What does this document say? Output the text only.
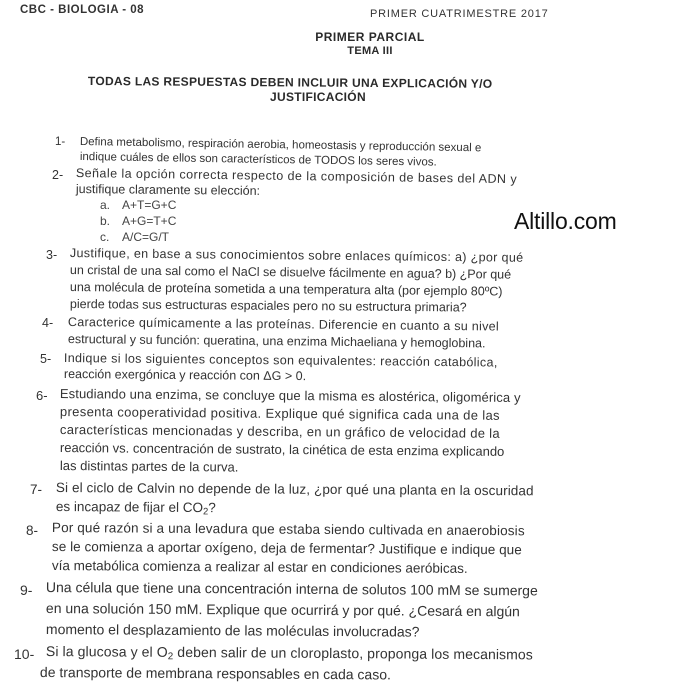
CBC - BIOLOGIA - 08	PRIMER CUATRIMESTRE 2017
PRIMER PARCIAL
TEMA III
TODAS LAS RESPUESTAS DEBEN INCLUIR UNA EXPLICACIÓN Y/O
JUSTIFICACIÓN
Altillo.com
1- Defina metabolismo, respiración aerobia, homeostasis y reproducción sexual e
indique cuáles de ellos son característicos de TODOS los seres vivos.
2- Señale la opción correcta respecto de la composición de bases del ADN y
justifique claramente su elección:
a. A+T=G+C
b. A+G=T+C
c. A/C=G/T
3- Justifique, en base a sus conocimientos sobre enlaces químicos: a) ¿por qué
un cristal de una sal como el NaCl se disuelve fácilmente en agua? b) ¿Por qué
una molécula de proteína sometida a una temperatura alta (por ejemplo 80ºC)
pierde todas sus estructuras espaciales pero no su estructura primaria?
4- Caracterice químicamente a las proteínas. Diferencie en cuanto a su nivel
estructural y su función: queratina, una enzima Michaeliana y hemoglobina.
5- Indique si los siguientes conceptos son equivalentes: reacción catabólica,
reacción exergónica y reacción con ΔG > 0.
6- Estudiando una enzima, se concluye que la misma es alostérica, oligomérica y
presenta cooperatividad positiva. Explique qué significa cada una de las
características mencionadas y describa, en un gráfico de velocidad de la
reacción vs. concentración de sustrato, la cinética de esta enzima explicando
las distintas partes de la curva.
7- Si el ciclo de Calvin no depende de la luz, ¿por qué una planta en la oscuridad
es incapaz de fijar el $CO_2$?
8- Por qué razón si a una levadura que estaba siendo cultivada en anaerobiosis
se le comienza a aportar oxígeno, deja de fermentar? Justifique e indique que
vía metabólica comienza a realizar al estar en condiciones aeróbicas.
9- Una célula que tiene una concentración interna de solutos 100 mM se sumerge
en una solución 150 mM. Explique que ocurrirá y por qué. ¿Cesará en algún
momento el desplazamiento de las moléculas involucradas?
10- Si la glucosa y el $O_2$ deben salir de un cloroplasto, proponga los mecanismos
de transporte de membrana responsables en cada caso.
